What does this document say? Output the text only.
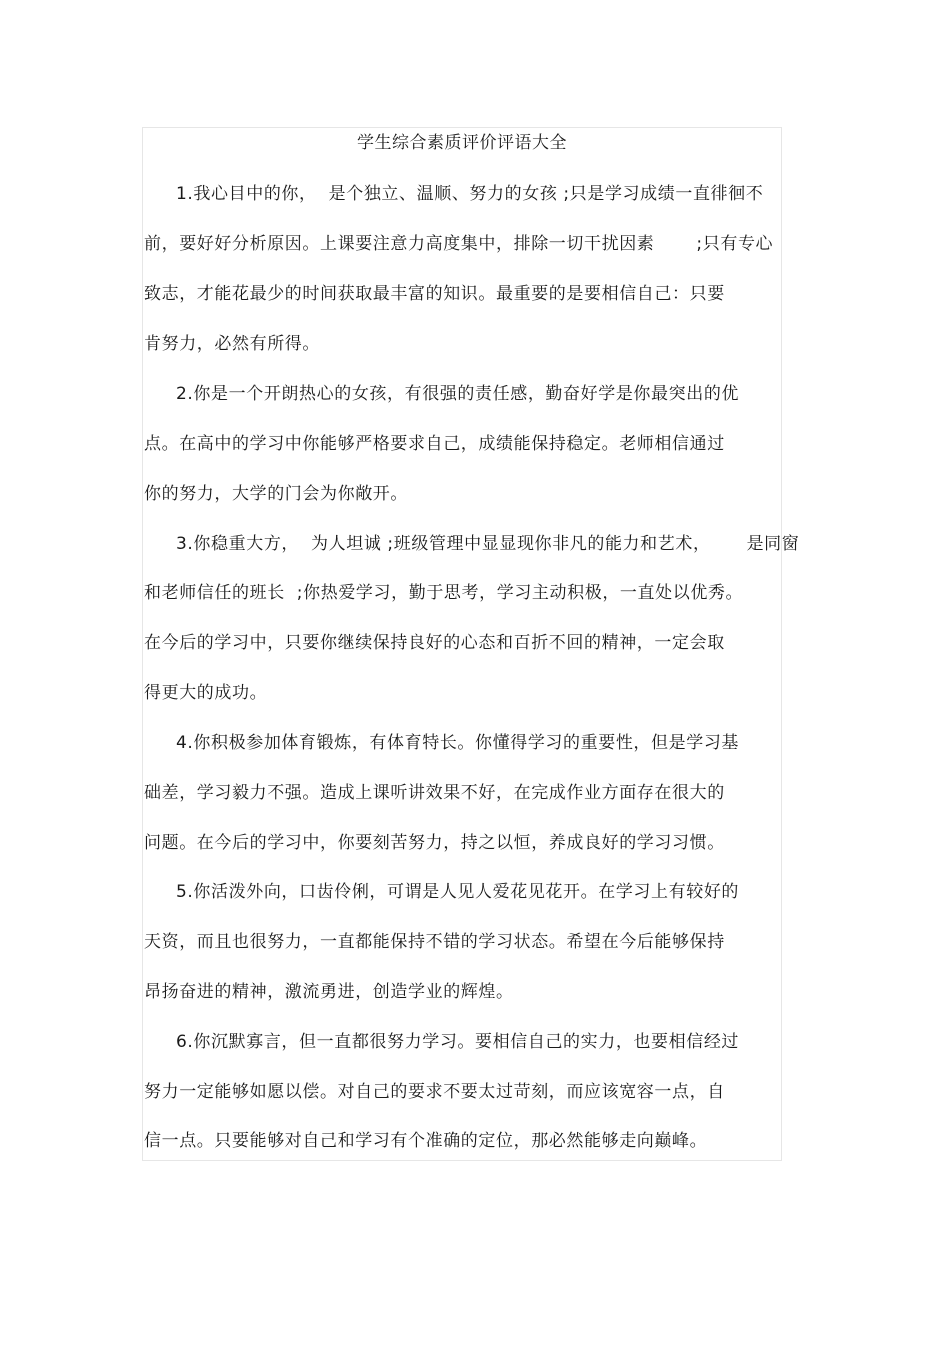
学生综合素质评价评语大全
1.我心目中的你，  是个独立、温顺、努力的女孩 ;只是学习成绩一直徘徊不
前，要好好分析原因。上课要注意力高度集中，排除一切干扰因素       ;只有专心
致志，才能花最少的时间获取最丰富的知识。最重要的是要相信自己：只要
肯努力，必然有所得。
2.你是一个开朗热心的女孩，有很强的责任感，勤奋好学是你最突出的优
点。在高中的学习中你能够严格要求自己，成绩能保持稳定。老师相信通过
你的努力，大学的门会为你敞开。
3.你稳重大方，  为人坦诚 ;班级管理中显显现你非凡的能力和艺术，      是同窗
和老师信任的班长  ;你热爱学习，勤于思考，学习主动积极，一直处以优秀。
在今后的学习中，只要你继续保持良好的心态和百折不回的精神，一定会取
得更大的成功。
4.你积极参加体育锻炼，有体育特长。你懂得学习的重要性，但是学习基
础差，学习毅力不强。造成上课听讲效果不好，在完成作业方面存在很大的
问题。在今后的学习中，你要刻苦努力，持之以恒，养成良好的学习习惯。
5.你活泼外向，口齿伶俐，可谓是人见人爱花见花开。在学习上有较好的
天资，而且也很努力，一直都能保持不错的学习状态。希望在今后能够保持
昂扬奋进的精神，激流勇进，创造学业的辉煌。
6.你沉默寡言，但一直都很努力学习。要相信自己的实力，也要相信经过
努力一定能够如愿以偿。对自己的要求不要太过苛刻，而应该宽容一点，自
信一点。只要能够对自己和学习有个准确的定位，那必然能够走向巅峰。
